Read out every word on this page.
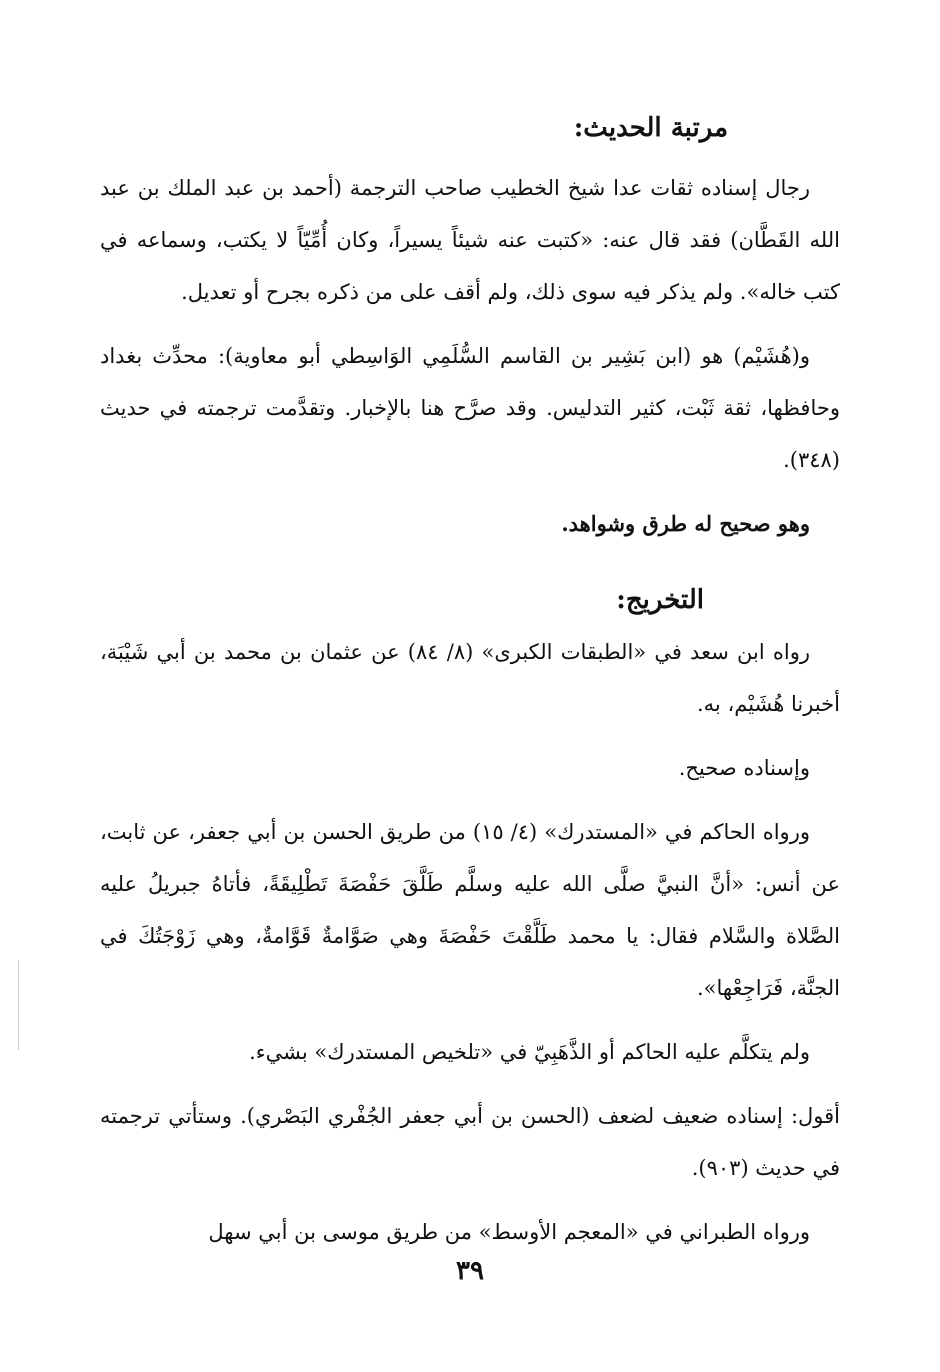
مرتبة الحديث:

رجال إسناده ثقات عدا شيخ الخطيب صاحب الترجمة (أحمد بن عبد الملك بن عبد الله القَطَّان) فقد قال عنه: «كتبت عنه شيئاً يسيراً، وكان أُمِّيّاً لا يكتب، وسماعه في كتب خاله». ولم يذكر فيه سوى ذلك، ولم أقف على من ذكره بجرح أو تعديل.

و(هُشَيْم) هو (ابن بَشِير بن القاسم السُّلَمِي الوَاسِطي أبو معاوية): محدِّث بغداد وحافظها، ثقة ثَبْت، كثير التدليس. وقد صرَّح هنا بالإخبار. وتقدَّمت ترجمته في حديث (٣٤٨).

وهو صحيح له طرق وشواهد.

التخريج:

رواه ابن سعد في «الطبقات الكبرى» (٨/ ٨٤) عن عثمان بن محمد بن أبي شَيْبَة، أخبرنا هُشَيْم، به.

وإسناده صحيح.

ورواه الحاكم في «المستدرك» (٤/ ١٥) من طريق الحسن بن أبي جعفر، عن ثابت، عن أنس: «أنَّ النبيَّ صلَّى الله عليه وسلَّم طَلَّقَ حَفْصَةَ تَطْلِيقَةً، فأتاهُ جبريلُ عليه الصَّلاة والسَّلام فقال: يا محمد طَلَّقْتَ حَفْصَةَ وهي صَوَّامةٌ قَوَّامةٌ، وهي زَوْجَتُكَ في الجنَّة، فَرَاجِعْها».

ولم يتكلَّم عليه الحاكم أو الذَّهَبِيّ في «تلخيص المستدرك» بشيء.

أقول: إسناده ضعيف لضعف (الحسن بن أبي جعفر الجُفْري البَصْري). وستأتي ترجمته في حديث (٩٠٣).

ورواه الطبراني في «المعجم الأوسط» من طريق موسى بن أبي سهل

٣٩
